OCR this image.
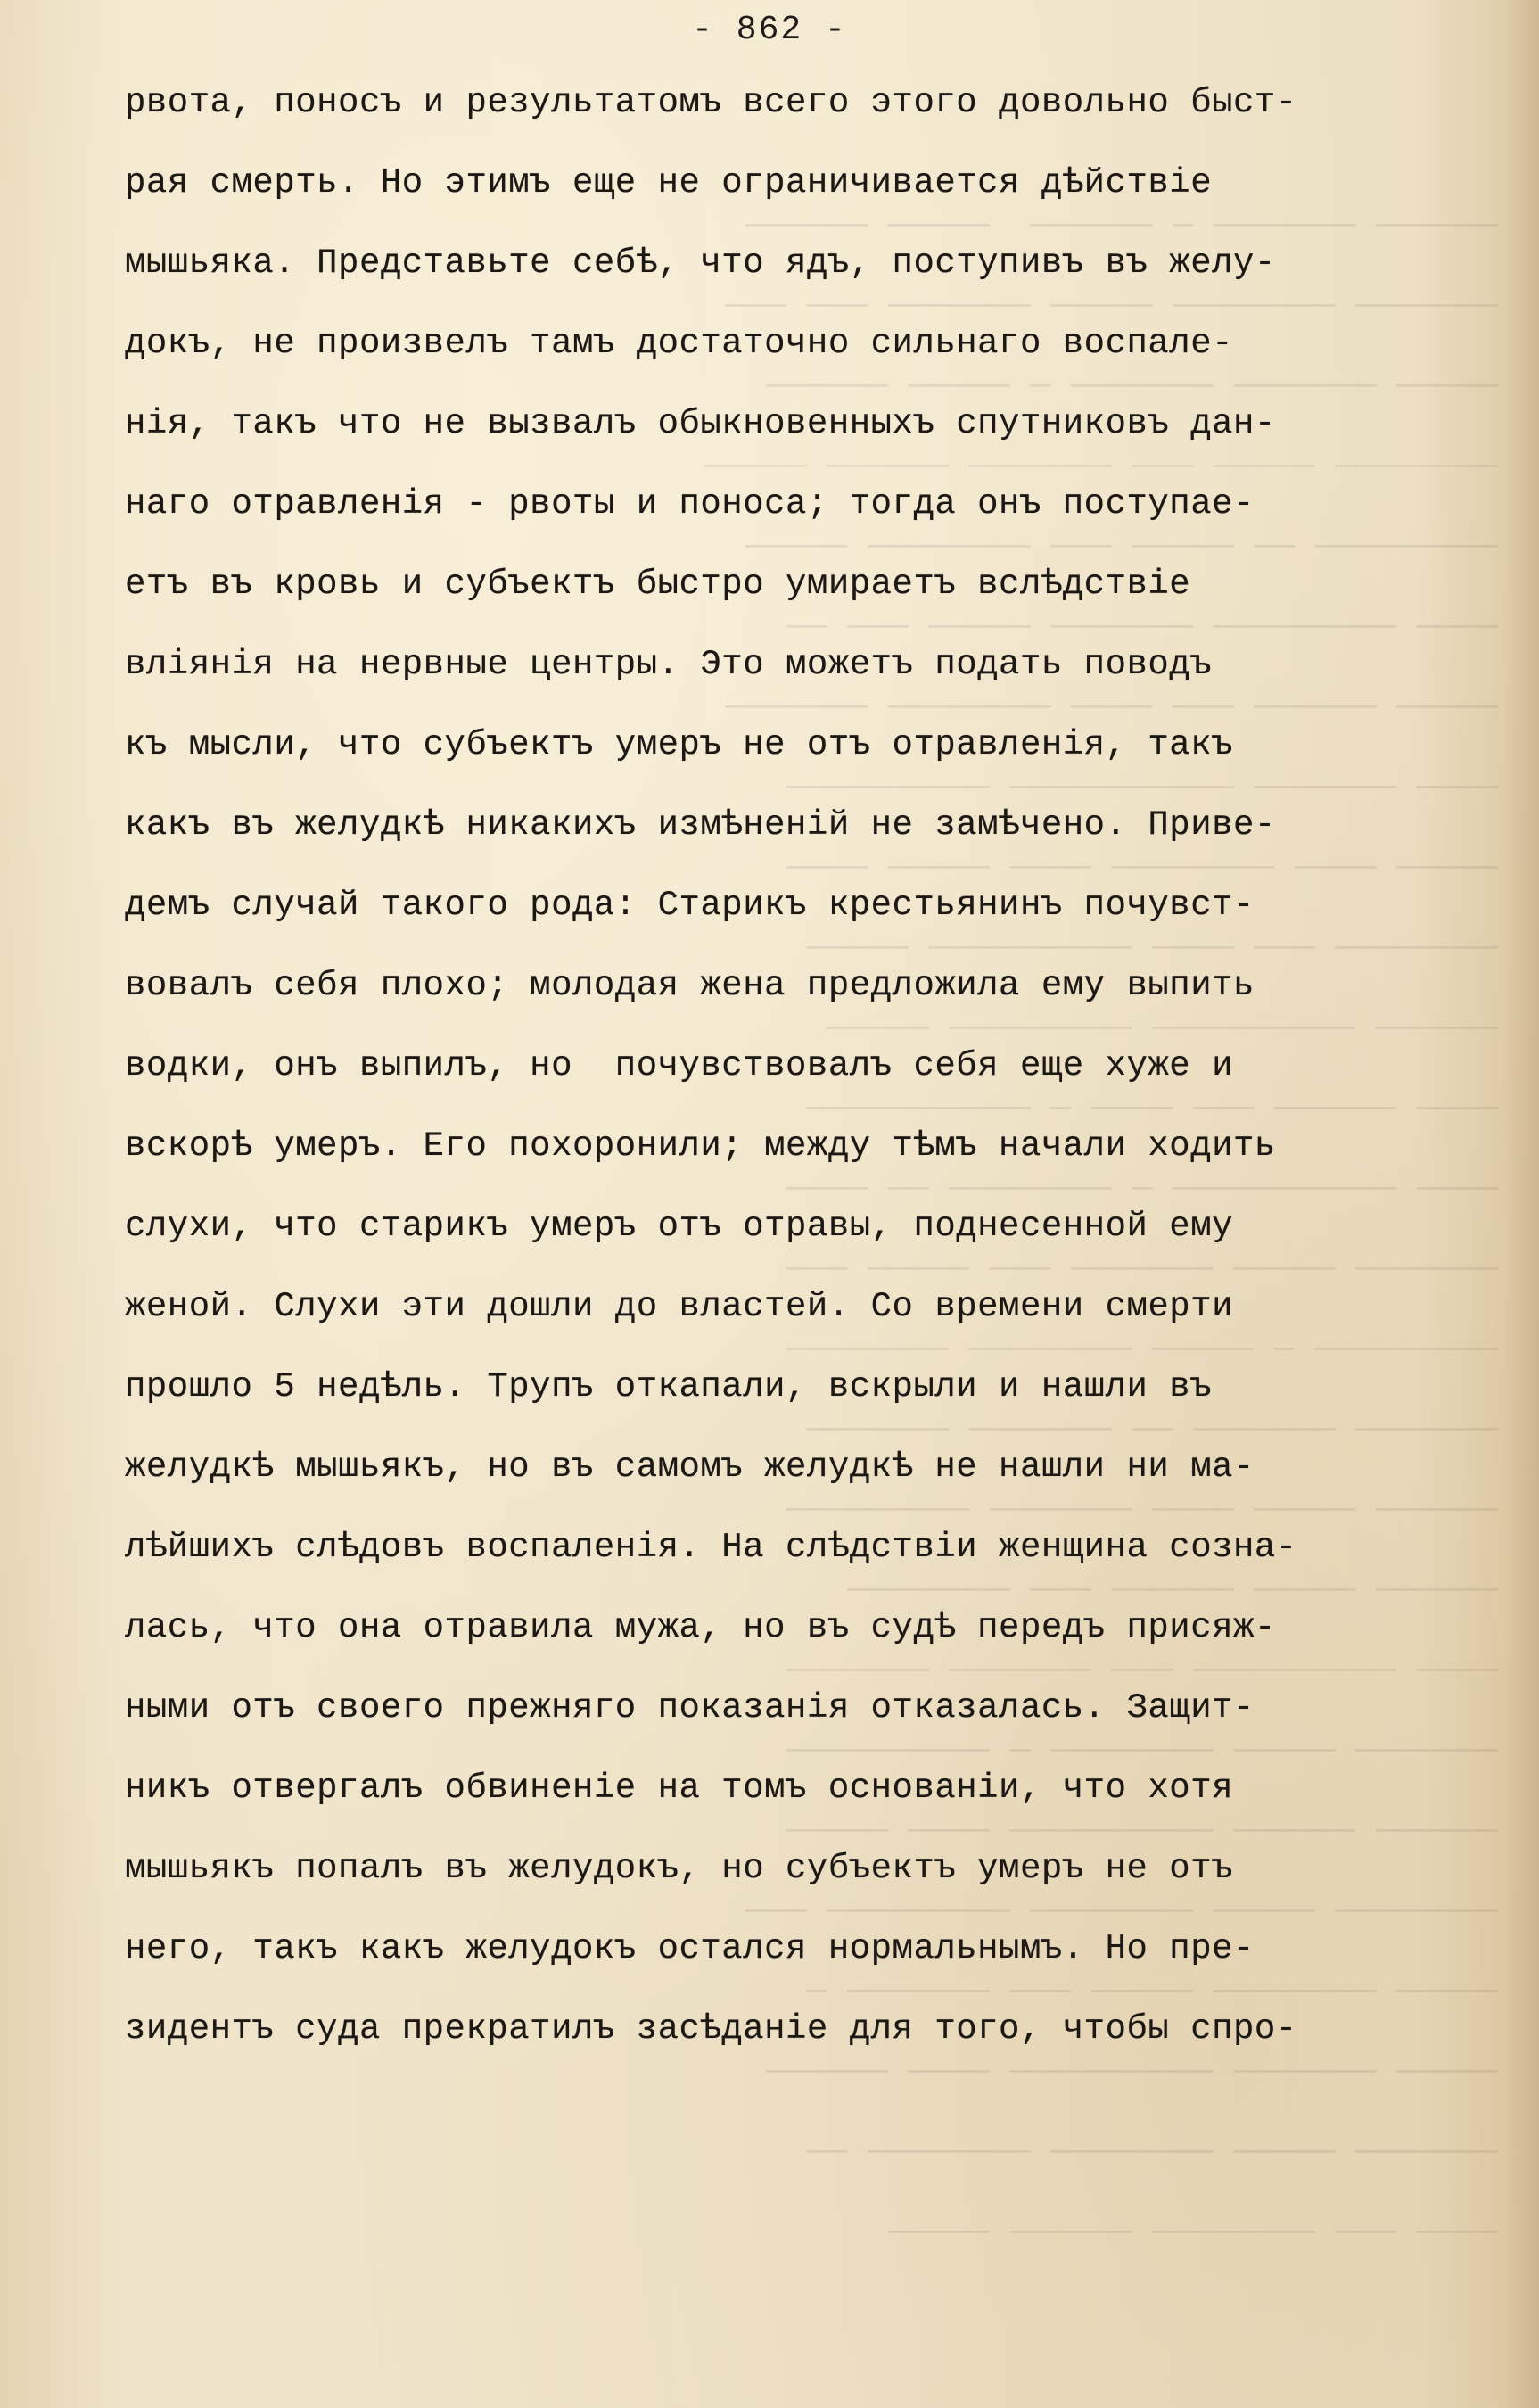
────── ─────── ─ ──────  ───── ──────
─────── ──────── ───── ─────── ─── ───
───── ─────── ─────── ─ ───── ──────
──────── ───── ─── ─────── ────── ─────
───────── ── ───── ─── ──────── ─────
──── ───────── ─────── ───── ─── ──
───── ────── ─── ──── ──────── ───────
──── ─────── ─────────── ──────────
───── ──── ──────── ──── ───── ────
──────── ─── ──── ────────── ─────
────── ────────── ───────── ─────
──── ────── ─── ──── ─ ───────────
──── ─────────── ─ ──────── ── ────
─────── ───── ─────── ─── ───── ───
───────── ─ ───── ──────── ────────
─────── ─────── ── ─────── ───────
────── ───── ──── ─────── ─────────
────── ───── ────── ─── ────────
──── ────────── ─── ─────── ───────
─────── ───── ──────── ─ ──────────
────── ────── ────────── ──── ─────
──────── ───── ──────── ───────── ───
───── ──────── ───── ─── ─────── ─
───── ─────── ────────── ──── ──────
─────── ───── ──────── ──────── ──
──── ─── ──────── ────── ─────

- 862 -
рвота, поносъ и результатомъ всего этого довольно быст-
рая смерть. Но этимъ еще не ограничивается дѣйствiе
мышьяка. Представьте себѣ, что ядъ, поступивъ въ желу-
докъ, не произвелъ тамъ достаточно сильнаго воспале-
нiя, такъ что не вызвалъ обыкновенныхъ спутниковъ дан-
наго отравленiя - рвоты и поноса; тогда онъ поступае-
етъ въ кровь и субъектъ быстро умираетъ вслѣдствiе
влiянiя на нервные центры. Это можетъ подать поводъ
къ мысли, что субъектъ умеръ не отъ отравленiя, такъ
какъ въ желудкѣ никакихъ измѣненiй не замѣчено. Приве-
демъ случай такого рода: Старикъ крестьянинъ почувст-
вовалъ себя плохо; молодая жена предложила ему выпить
водки, онъ выпилъ, но  почувствовалъ себя еще хуже и
вскорѣ умеръ. Его похоронили; между тѣмъ начали ходить
слухи, что старикъ умеръ отъ отравы, поднесенной ему
женой. Слухи эти дошли до властей. Со времени смерти
прошло 5 недѣль. Трупъ откапали, вскрыли и нашли въ
желудкѣ мышьякъ, но въ самомъ желудкѣ не нашли ни ма-
лѣйшихъ слѣдовъ воспаленiя. На слѣдствiи женщина созна-
лась, что она отравила мужа, но въ судѣ передъ присяж-
ными отъ своего прежняго показанiя отказалась. Защит-
никъ отвергалъ обвиненiе на томъ основанiи, что хотя
мышьякъ попалъ въ желудокъ, но субъектъ умеръ не отъ
него, такъ какъ желудокъ остался нормальнымъ. Но пре-
зидентъ суда прекратилъ засѣданiе для того, чтобы спро-
